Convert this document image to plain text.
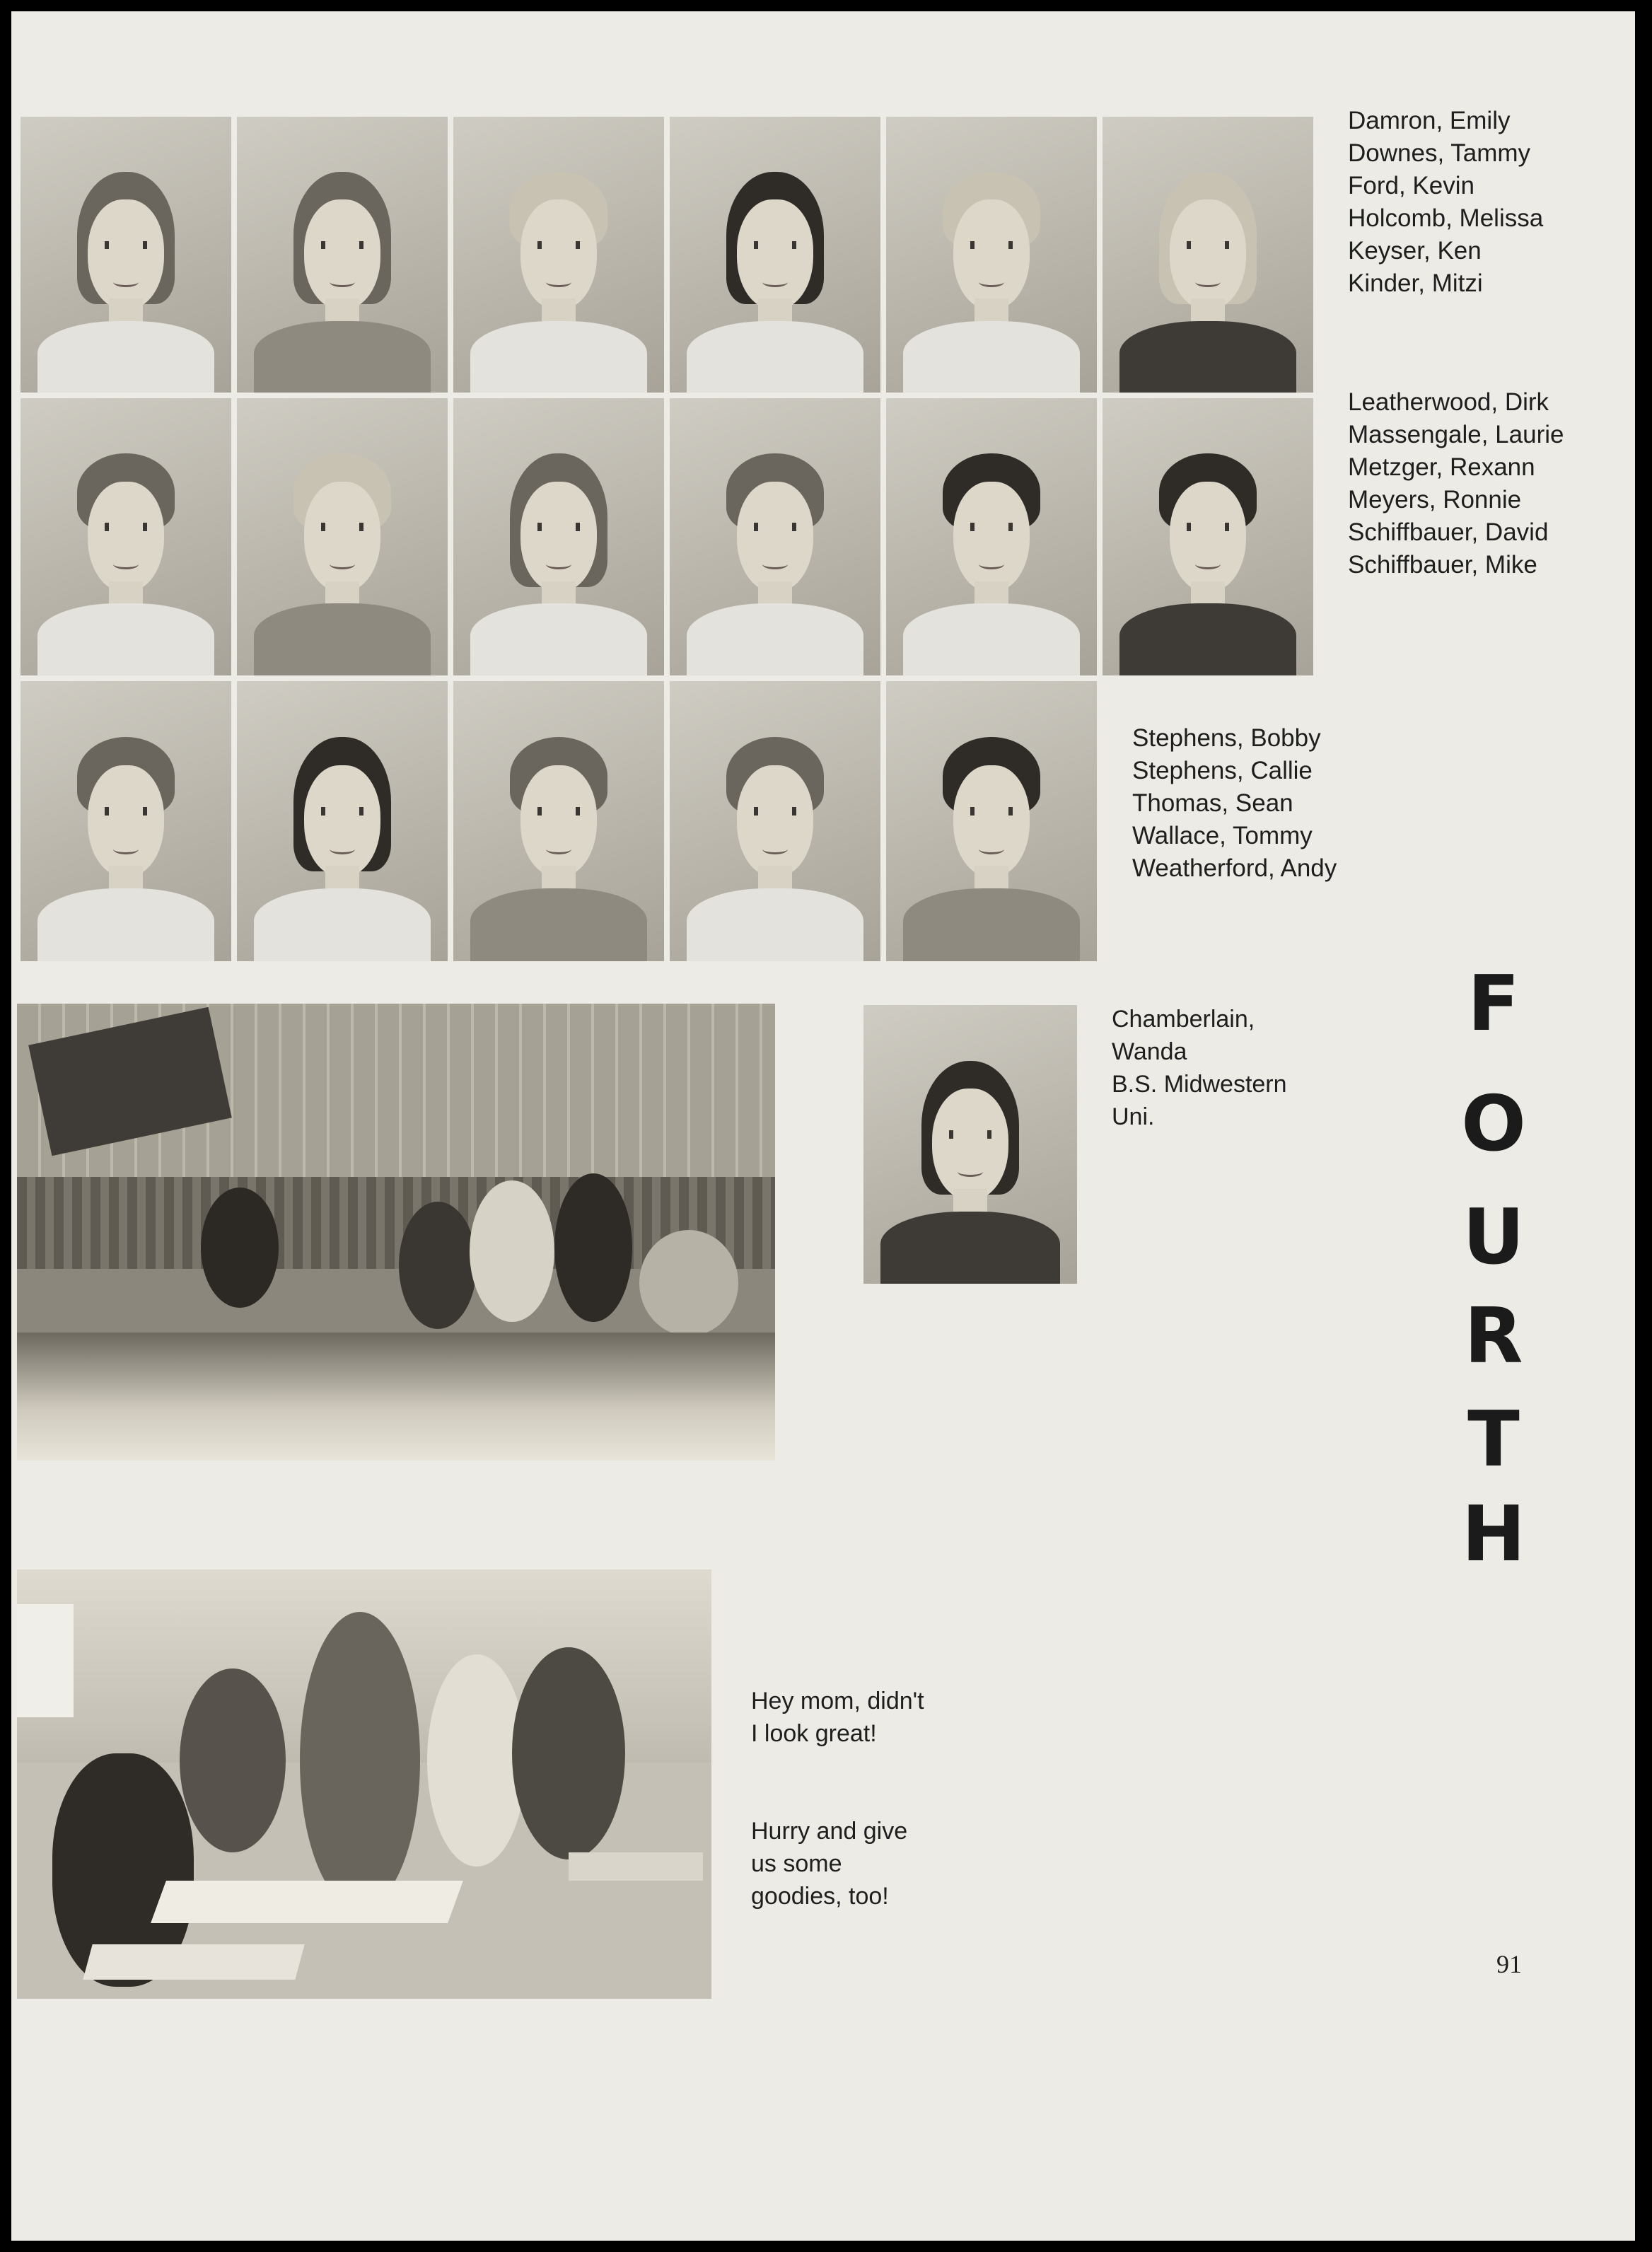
Damron, Emily
Downes, Tammy
Ford, Kevin
Holcomb, Melissa
Keyser, Ken
Kinder, Mitzi
Leatherwood, Dirk
Massengale, Laurie
Metzger, Rexann
Meyers, Ronnie
Schiffbauer, David
Schiffbauer, Mike
Stephens, Bobby
Stephens, Callie
Thomas, Sean
Wallace, Tommy
Weatherford, Andy
Chamberlain,
Wanda
B.S. Midwestern
Uni.
F
O
U
R
T
H
Hey mom, didn't
I look great!
Hurry and give
us some
goodies, too!
91
